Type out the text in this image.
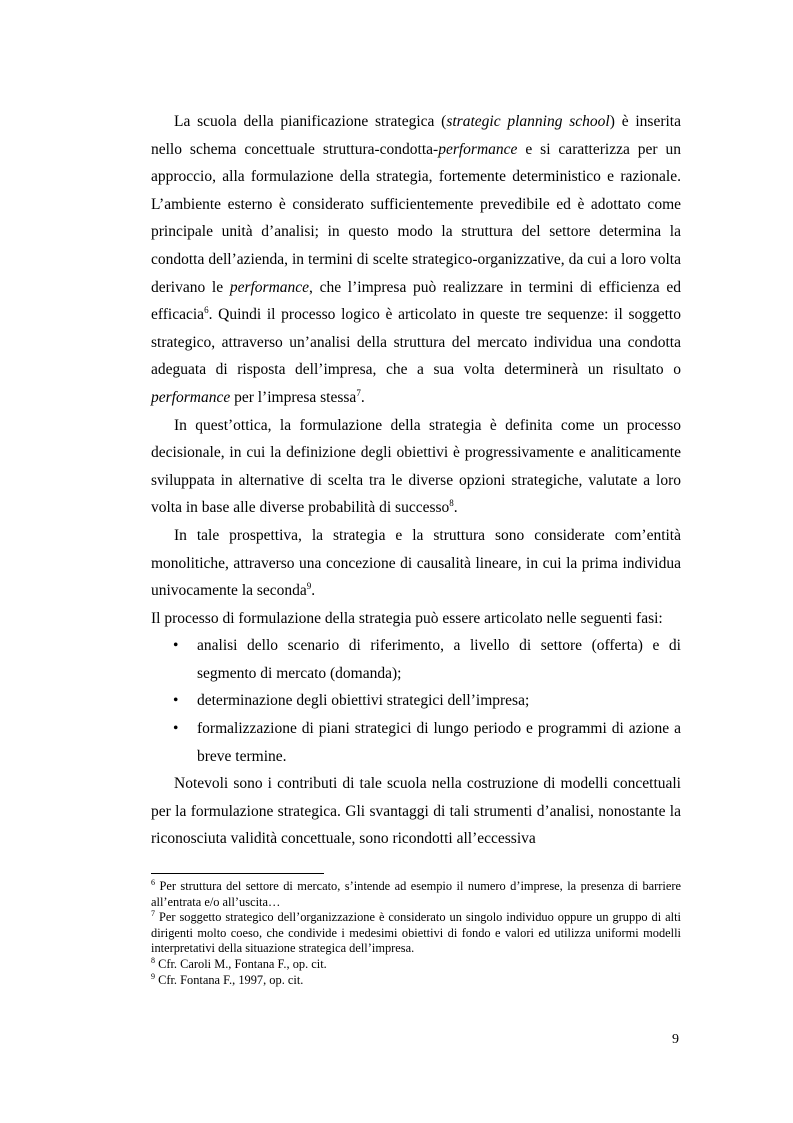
La scuola della pianificazione strategica (strategic planning school) è inserita nello schema concettuale struttura-condotta-performance e si caratterizza per un approccio, alla formulazione della strategia, fortemente deterministico e razionale. L’ambiente esterno è considerato sufficientemente prevedibile ed è adottato come principale unità d’analisi; in questo modo la struttura del settore determina la condotta dell’azienda, in termini di scelte strategico-organizzative, da cui a loro volta derivano le performance, che l’impresa può realizzare in termini di efficienza ed efficacia$^6$. Quindi il processo logico è articolato in queste tre sequenze: il soggetto strategico, attraverso un’analisi della struttura del mercato individua una condotta adeguata di risposta dell’impresa, che a sua volta determinerà un risultato o performance per l’impresa stessa$^7$.

In quest’ottica, la formulazione della strategia è definita come un processo decisionale, in cui la definizione degli obiettivi è progressivamente e analiticamente sviluppata in alternative di scelta tra le diverse opzioni strategiche, valutate a loro volta in base alle diverse probabilità di successo$^8$.

In tale prospettiva, la strategia e la struttura sono considerate com’entità monolitiche, attraverso una concezione di causalità lineare, in cui la prima individua univocamente la seconda$^9$.

Il processo di formulazione della strategia può essere articolato nelle seguenti fasi:

• analisi dello scenario di riferimento, a livello di settore (offerta) e di segmento di mercato (domanda);
• determinazione degli obiettivi strategici dell’impresa;
• formalizzazione di piani strategici di lungo periodo e programmi di azione a breve termine.

Notevoli sono i contributi di tale scuola nella costruzione di modelli concettuali per la formulazione strategica. Gli svantaggi di tali strumenti d’analisi, nonostante la riconosciuta validità concettuale, sono ricondotti all’eccessiva

$^6$ Per struttura del settore di mercato, s’intende ad esempio il numero d’imprese, la presenza di barriere all’entrata e/o all’uscita…

$^7$ Per soggetto strategico dell’organizzazione è considerato un singolo individuo oppure un gruppo di alti dirigenti molto coeso, che condivide i medesimi obiettivi di fondo e valori ed utilizza uniformi modelli interpretativi della situazione strategica dell’impresa.

$^8$ Cfr. Caroli M., Fontana F., op. cit.

$^9$ Cfr. Fontana F., 1997, op. cit.

9
